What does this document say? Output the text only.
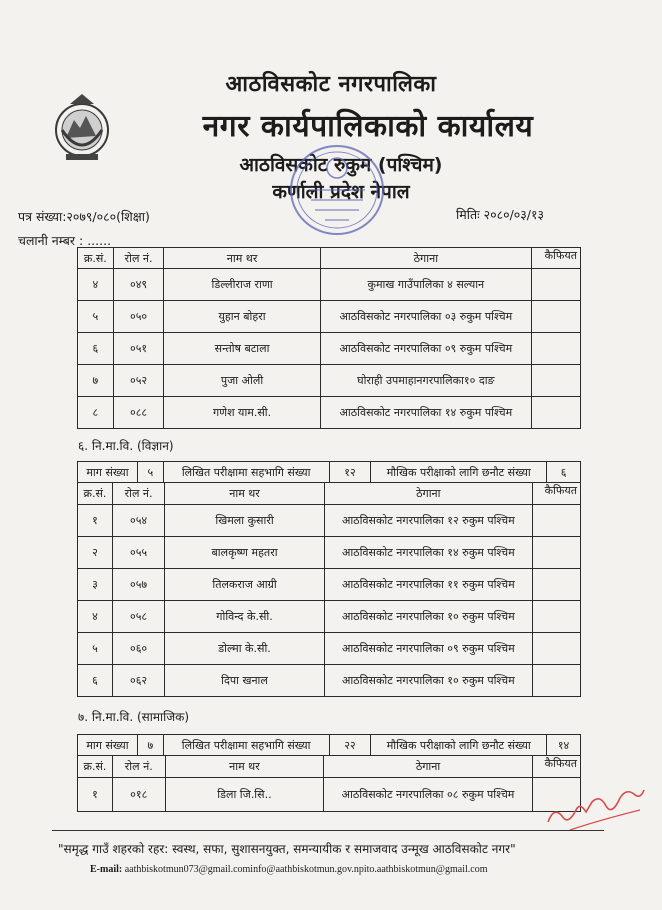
आठविसकोट नगरपालिका
नगर कार्यपालिकाको कार्यालय
आठविसकोट रुकुम (पश्चिम)
कर्णाली प्रदेश नेपाल
पत्र संख्या:२०७९/०८०(शिक्षा)	मितिः २०८०/०३/१३
चलानी नम्बर : ......
क्र.सं.	रोल नं.	नाम थर	ठेगाना	कैफियत
४	०४९	डिल्लीराज राणा	कुमाख गाउँपालिका ४ सल्यान	
५	०५०	युहान बोहरा	आठविसकोट नगरपालिका ०३ रुकुम पश्चिम	
६	०५१	सन्तोष बटाला	आठविसकोट नगरपालिका ०९ रुकुम पश्चिम	
७	०५२	पुजा ओली	घोराही उपमाहानगरपालिका१० दाङ	
८	०८८	गणेश याम.सी.	आठविसकोट नगरपालिका १४ रुकुम पश्चिम	
६. नि.मा.वि. (विज्ञान)
माग संख्या	५	लिखित परीक्षामा सहभागि संख्या	१२	मौखिक परीक्षाको लागि छनौट संख्या	६
क्र.सं.	रोल नं.	नाम थर	ठेगाना	कैफियत
१	०५४	खिमला कुसारी	आठविसकोट नगरपालिका १२ रुकुम पश्चिम	
२	०५५	बालकृष्ण महतरा	आठविसकोट नगरपालिका १४ रुकुम पश्चिम	
३	०५७	तिलकराज आग्री	आठविसकोट नगरपालिका ११ रुकुम पश्चिम	
४	०५८	गोविन्द के.सी.	आठविसकोट नगरपालिका १० रुकुम पश्चिम	
५	०६०	डोल्मा के.सी.	आठविसकोट नगरपालिका ०९ रुकुम पश्चिम	
६	०६२	दिपा खनाल	आठविसकोट नगरपालिका १० रुकुम पश्चिम	
७. नि.मा.वि. (सामाजिक)
माग संख्या	७	लिखित परीक्षामा सहभागि संख्या	२२	मौखिक परीक्षाको लागि छनौट संख्या	१४
क्र.सं.	रोल नं.	नाम थर	ठेगाना	कैफियत
१	०१८	डिला जि.सि..	आठविसकोट नगरपालिका ०८ रुकुम पश्चिम	
"समृद्ध गाउँ शहरको रहर: स्वस्थ, सफा, सुशासनयुक्त, समन्यायीक र समाजवाद उन्मूख आठविसकोट नगर"
E-mail: aathbiskotmun073@gmail.cominfo@aathbiskotmun.gov.npito.aathbiskotmun@gmail.com
